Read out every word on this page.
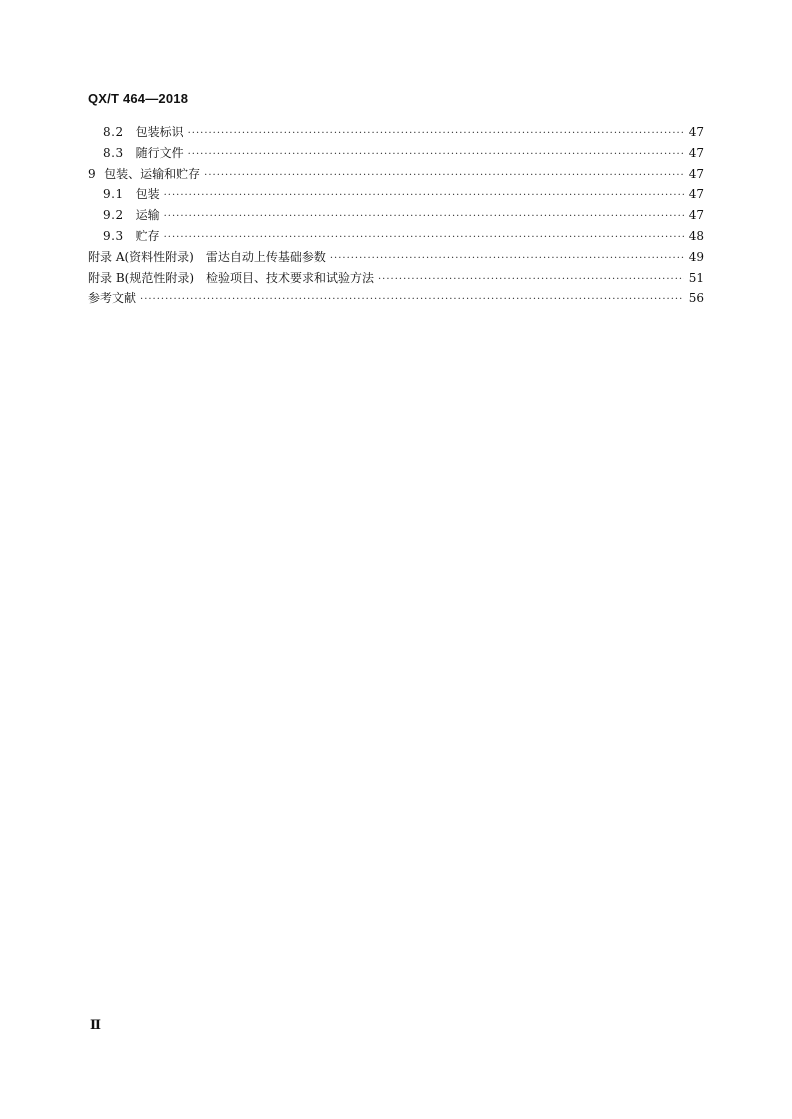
QX/T 464—2018
8.2 包装标识 ·····	47
8.3 随行文件 ·····	47
9 包装、运输和贮存 ·····	47
9.1 包装 ·····	47
9.2 运输 ·····	47
9.3 贮存 ·····	48
附录 A(资料性附录)　雷达自动上传基础参数 ·····	49
附录 B(规范性附录)　检验项目、技术要求和试验方法 ·····	51
参考文献 ·····	56
Ⅱ
